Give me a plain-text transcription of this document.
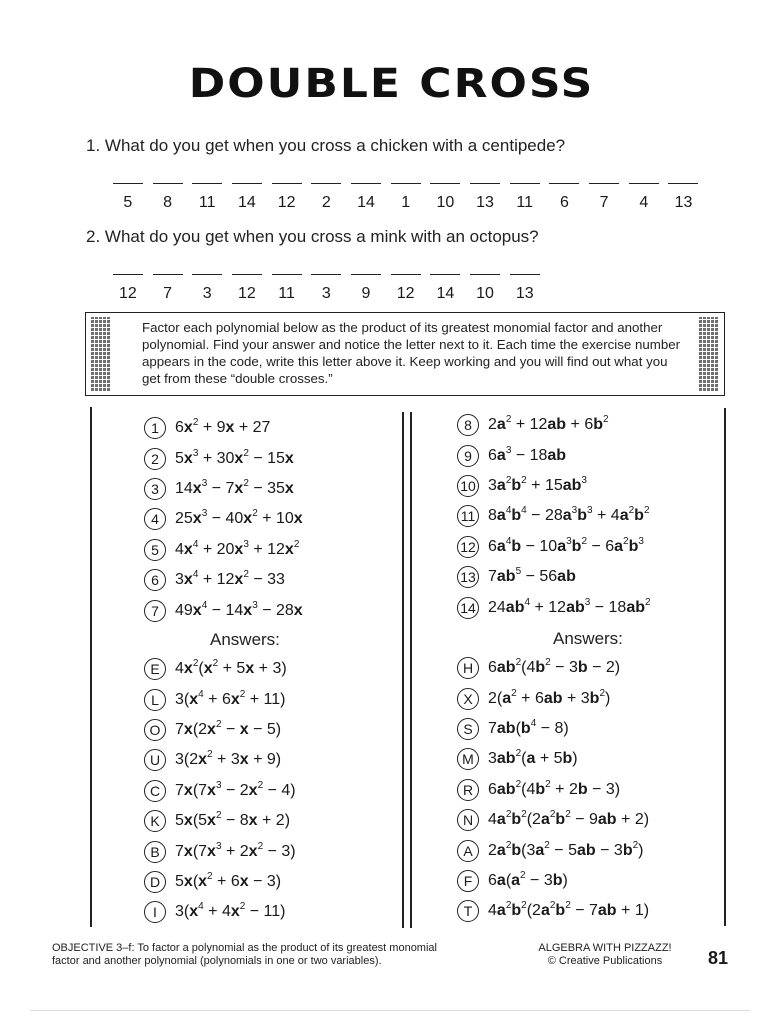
DOUBLE CROSS
1. What do you get when you cross a chicken with a centipede?
5	8	11	14	12	2	14	1	10	13	11	6	7	4	13
2. What do you get when you cross a mink with an octopus?
12	7	3	12	11	3	9	12	14	10	13
Factor each polynomial below as the product of its greatest monomial factor and another polynomial. Find your answer and notice the letter next to it. Each time the exercise number appears in the code, write this letter above it. Keep working and you will find out what you get from these “double crosses.”
1	$6x^2 + 9x + 27$
2	$5x^3 + 30x^2 - 15x$
3	$14x^3 - 7x^2 - 35x$
4	$25x^3 - 40x^2 + 10x$
5	$4x^4 + 20x^3 + 12x^2$
6	$3x^4 + 12x^2 - 33$
7	$49x^4 - 14x^3 - 28x$
8	$2a^2 + 12ab + 6b^2$
9	$6a^3 - 18ab$
10 $3a^2b^2 + 15ab^3$
11 $8a^4b^4 - 28a^3b^3 + 4a^2b^2$
12 $6a^4b - 10a^3b^2 - 6a^2b^3$
13 $7ab^5 - 56ab$
14 $24ab^4 + 12ab^3 - 18ab^2$
Answers:	Answers:
E $4x^2(x^2 + 5x + 3)$
L	$3(x^4 + 6x^2 + 11)$
O $7x(2x^2 - x - 5)$
U $3(2x^2 + 3x + 9)$
C $7x(7x^3 - 2x^2 - 4)$
K $5x(5x^2 - 8x + 2)$
B $7x(7x^3 + 2x^2 - 3)$
D $5x(x^2 + 6x - 3)$
I	$3(x^4 + 4x^2 - 11)$
H $6ab^2(4b^2 - 3b - 2)$
X $2(a^2 + 6ab + 3b^2)$
S $7ab(b^4 - 8)$
M $3ab^2(a + 5b)$
R $6ab^2(4b^2 + 2b - 3)$
N $4a^2b^2(2a^2b^2 - 9ab + 2)$
A $2a^2b(3a^2 - 5ab - 3b^2)$
F $6a(a^2 - 3b)$
T $4a^2b^2(2a^2b^2 - 7ab + 1)$
OBJECTIVE 3–f: To factor a polynomial as the product of its greatest monomial
factor and another polynomial (polynomials in one or two variables).
ALGEBRA WITH PIZZAZZ!
© Creative Publications	81
